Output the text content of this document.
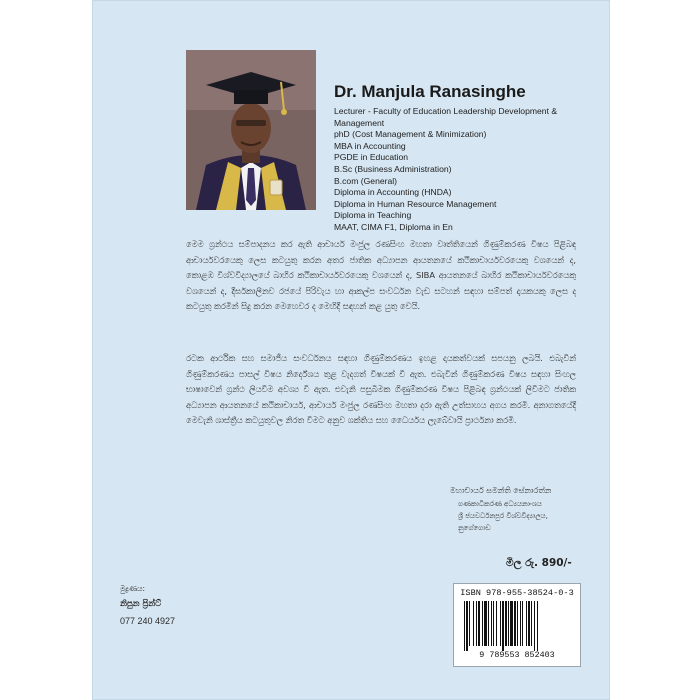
Dr. Manjula Ranasinghe
Lecturer - Faculty of Education Leadership Development & Management
phD (Cost Management & Minimization)
MBA in Accounting
PGDE in Education
B.Sc (Business Administration)
B.com (General)
Diploma in Accounting (HNDA)
Diploma in Human Resource Management
Diploma in Teaching
MAAT, CIMA F1, Diploma in En

මෙම ග්‍රන්ථය සම්පාදනය කර ඇති ආචාර්ය මංජුල රණසිංහ මහතා වෘත්තියෙන් ගිණුම්කරණ විෂය පිළිබඳ ආචාර්යවරයෙකු ලෙස කටයුතු කරන අතර ජාතික අධ්‍යාපන ආයතනයේ කථිකාචාර්යවරයෙකු වශයෙන් ද, කොළඹ විශ්වවිද්‍යාලයේ බාහිර කථිකාචාර්යවරයෙකු වශයෙන් ද, SIBA ආයතනයේ බාහිර කථිකාචාර්යවරයෙකු වශයෙන් ද, දීර්ඝකාලීනව රජයේ පිරිවැය හා ආකල්ප සංවර්ධන වැඩ සටහන් සඳහා සම්පත් දායකයකු ලෙස ද කටයුතු කරමින් සිදු කරන මෙහෙවර ද මෙහිදී සඳහන් කළ යුතු වෙයි.

රටක ආර්ථික සහ සමාජීය සංවර්ධනය සඳහා ගිණුම්කරණය ඉහළ දායකත්වයක් සපයනු ලබයි. එබැවින් ගිණුම්කරණය පාසල් විෂය නිර්දේශය තුළ වැදගත් විෂයක් වී ඇත. එබැවින් ගිණුම්කරණ විෂය සඳහා සිංහල භාෂාවෙන් ග්‍රන්ථ ලියවීම අවශ්‍ය වී ඇත. එවැනි පසුබිමක ගිණුම්කරණ විෂය පිළිබඳ ග්‍රන්ථයක් ලිවීමට ජාතික අධ්‍යාපන ආයතනයේ කථිකාචාර්ය, ආචාර්ය මංජුල රණසිංහ මහතා දරා ඇති උත්සාහය අගය කරමි. අනාගතයේදී මෙවැනි ශාස්ත්‍රීය කටයුතුවල නිරත වීමට අනුව ශක්තිය සහ ධෛර්යය ලැබේවායි ප්‍රාර්ථනා කරමි.

මහාචාර්ය සමන්ති සේනාරත්න
ගණකාධිකරණ අධ්‍යයනාංශය
ශ්‍රී ජයවර්ධනපුර විශ්වවිද්‍යාලය,
නුගේගොඩ
මිල රු. 890/-
මුද්‍රණය:
නිපුන ප්‍රින්ට්
077 240 4927
ISBN 978-955-38524-0-3
9 789553 852403
